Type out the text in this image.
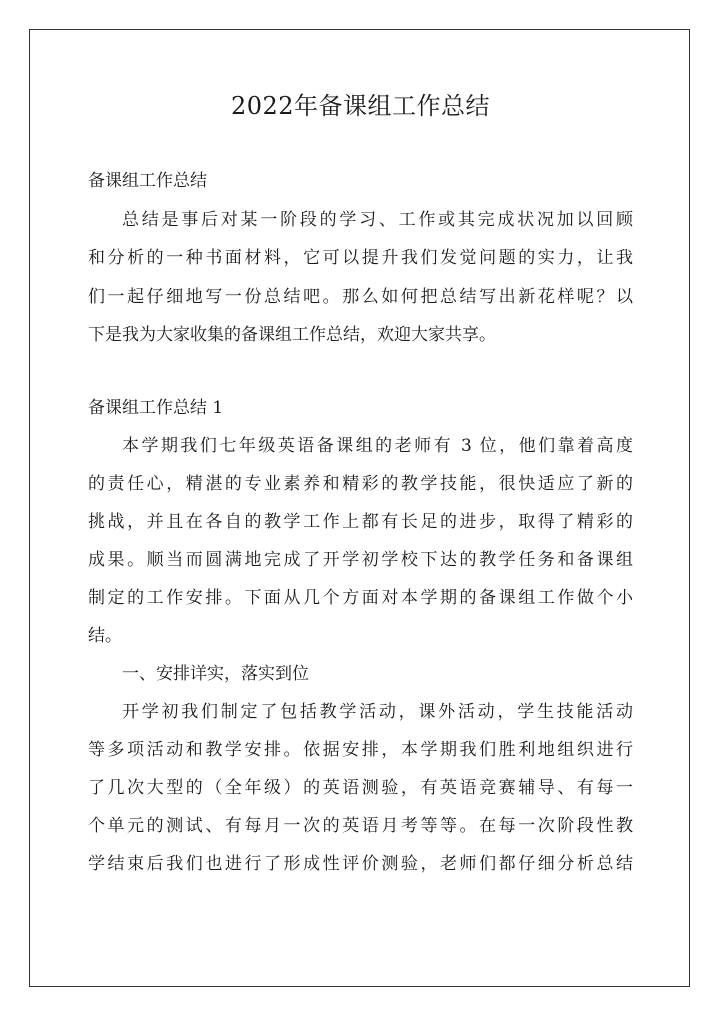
2022年备课组工作总结

备课组工作总结

总结是事后对某一阶段的学习、工作或其完成状况加以回顾

和分析的一种书面材料，它可以提升我们发觉问题的实力，让我

们一起仔细地写一份总结吧。那么如何把总结写出新花样呢？以

下是我为大家收集的备课组工作总结，欢迎大家共享。

备课组工作总结 1

本学期我们七年级英语备课组的老师有 3 位，他们靠着高度

的责任心，精湛的专业素养和精彩的教学技能，很快适应了新的

挑战，并且在各自的教学工作上都有长足的进步，取得了精彩的

成果。顺当而圆满地完成了开学初学校下达的教学任务和备课组

制定的工作安排。下面从几个方面对本学期的备课组工作做个小

结。

一、安排详实，落实到位

开学初我们制定了包括教学活动，课外活动，学生技能活动

等多项活动和教学安排。依据安排，本学期我们胜利地组织进行

了几次大型的（全年级）的英语测验，有英语竞赛辅导、有每一

个单元的测试、有每月一次的英语月考等等。在每一次阶段性教

学结束后我们也进行了形成性评价测验，老师们都仔细分析总结
